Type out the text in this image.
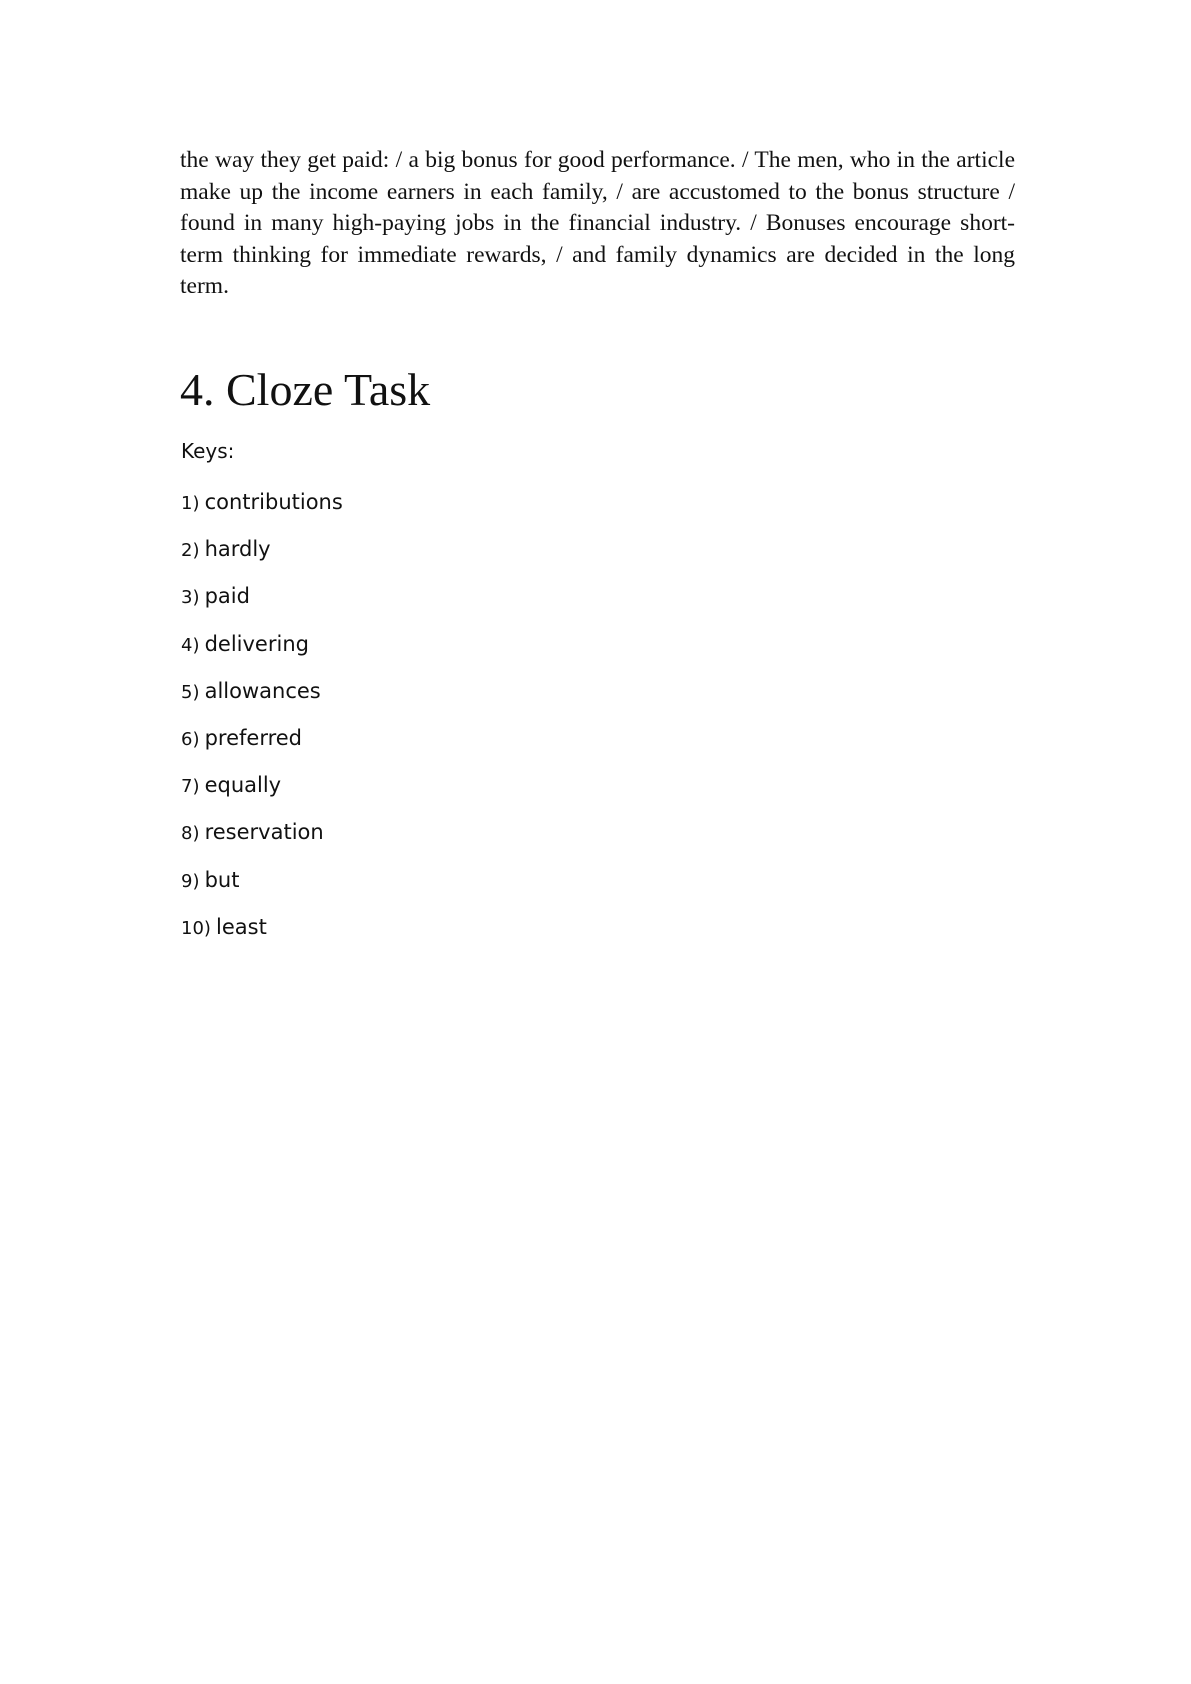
the way they get paid: / a big bonus for good performance. / The men, who in the article make up the income earners in each family, / are accustomed to the bonus structure / found in many high-paying jobs in the financial industry. / Bonuses encourage short-term thinking for immediate rewards, / and family dynamics are decided in the long term.

4. Cloze Task

Keys:

1) contributions
2) hardly
3) paid
4) delivering
5) allowances
6) preferred
7) equally
8) reservation
9) but
10) least
